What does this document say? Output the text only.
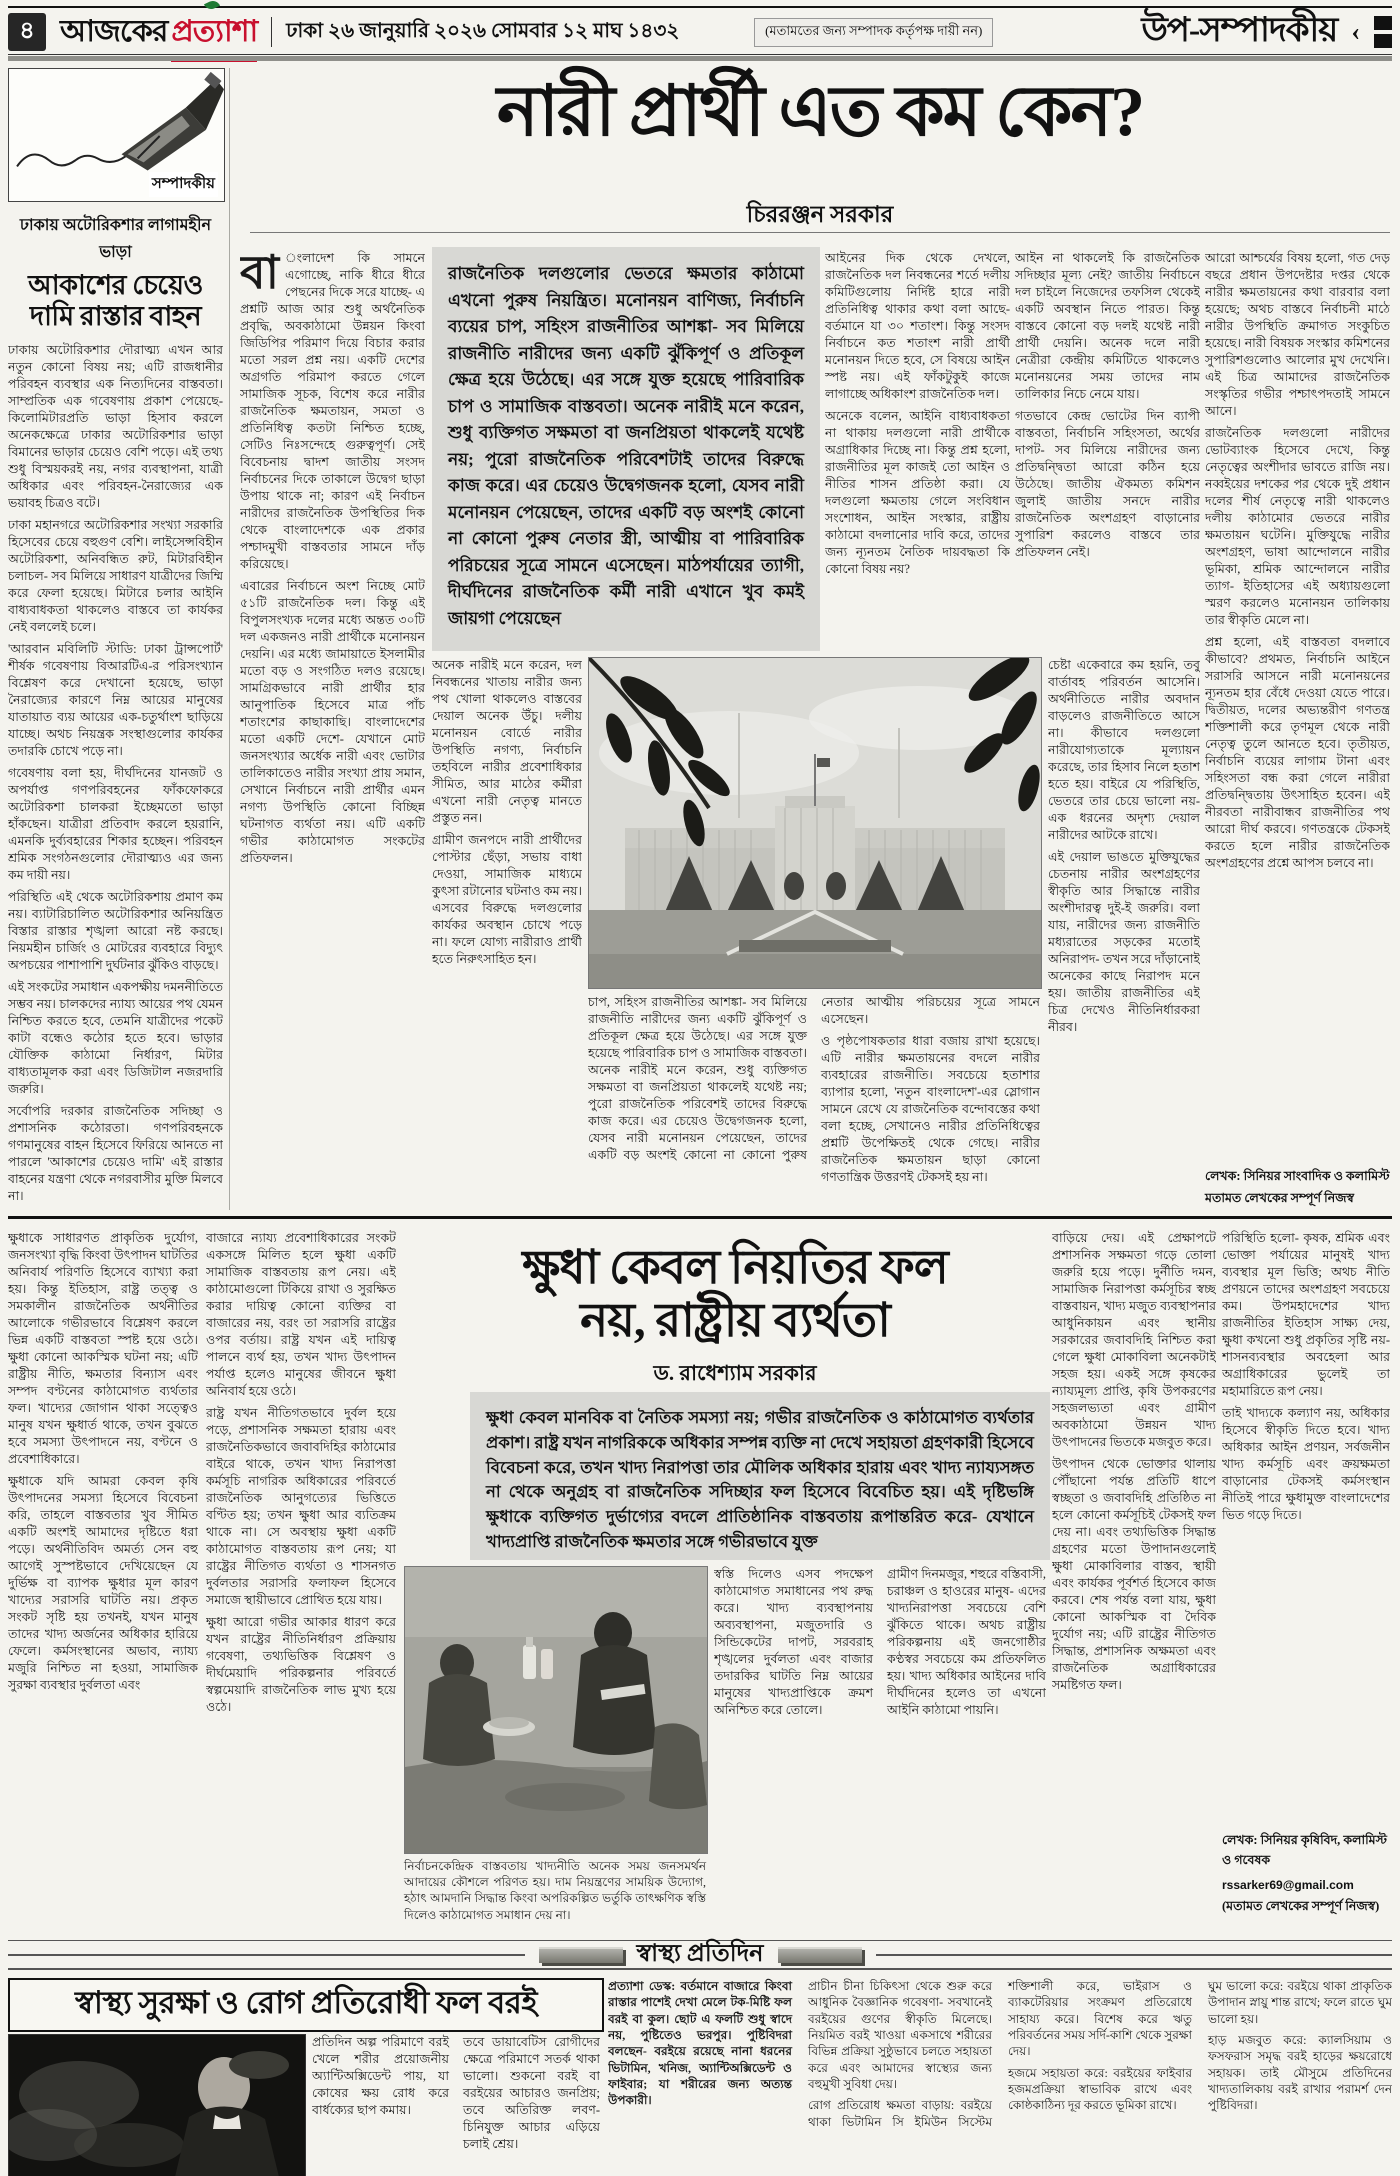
৪ আজকের প্রত্যাশা ঢাকা ২৬ জানুয়ারি ২০২৬ সোমবার ১২ মাঘ ১৪৩২	(মতামতের জন্য সম্পাদক কর্তৃপক্ষ দায়ী নন)	উপ-সম্পাদকীয় ‹
সম্পাদকীয়
ঢাকায় অটোরিকশার লাগামহীন ভাড়া
আকাশের চেয়েও দামি রাস্তার বাহন

ঢাকায় অটোরিকশার দৌরাত্ম্য এখন আর নতুন কোনো বিষয় নয়; এটি রাজধানীর পরিবহন ব্যবস্থার এক নিত্যদিনের বাস্তবতা। সাম্প্রতিক এক গবেষণায় প্রকাশ পেয়েছে- কিলোমিটারপ্রতি ভাড়া হিসাব করলে অনেকক্ষেত্রে ঢাকার অটোরিকশার ভাড়া বিমানের ভাড়ার চেয়েও বেশি পড়ে। এই তথ্য শুধু বিস্ময়করই নয়, নগর ব্যবস্থাপনা, যাত্রী অধিকার এবং পরিবহন-নৈরাজ্যের এক ভয়াবহ চিত্রও বটে।

ঢাকা মহানগরে অটোরিকশার সংখ্যা সরকারি হিসেবের চেয়ে বহুগুণ বেশি। লাইসেন্সবিহীন অটোরিকশা, অনিবন্ধিত রুট, মিটারবিহীন চলাচল- সব মিলিয়ে সাধারণ যাত্রীদের জিম্মি করে ফেলা হয়েছে। মিটারে চলার আইনি বাধ্যবাধকতা থাকলেও বাস্তবে তা কার্যকর নেই বললেই চলে।

'আরবান মবিলিটি স্টাডি: ঢাকা ট্রান্সপোর্ট' শীর্ষক গবেষণায় বিআরটিএ-র পরিসংখ্যান বিশ্লেষণ করে দেখানো হয়েছে, ভাড়া নৈরাজ্যের কারণে নিম্ন আয়ের মানুষের যাতায়াত ব্যয় আয়ের এক-চতুর্থাংশ ছাড়িয়ে যাচ্ছে। অথচ নিয়ন্ত্রক সংস্থাগুলোর কার্যকর তদারকি চোখে পড়ে না।

গবেষণায় বলা হয়, দীর্ঘদিনের যানজট ও অপর্যাপ্ত গণপরিবহনের ফাঁকফোকরে অটোরিকশা চালকরা ইচ্ছেমতো ভাড়া হাঁকছেন। যাত্রীরা প্রতিবাদ করলে হয়রানি, এমনকি দুর্ব্যবহারের শিকার হচ্ছেন। পরিবহন শ্রমিক সংগঠনগুলোর দৌরাত্ম্যও এর জন্য কম দায়ী নয়।

পরিস্থিতি এই থেকে অটোরিকশায় প্রমাণ কম নয়। ব্যাটারিচালিত অটোরিকশার অনিয়ন্ত্রিত বিস্তার রাস্তার শৃঙ্খলা আরো নষ্ট করছে। নিয়মহীন চার্জিং ও মোটরের ব্যবহারে বিদ্যুৎ অপচয়ের পাশাপাশি দুর্ঘটনার ঝুঁকিও বাড়ছে।

এই সংকটের সমাধান একপক্ষীয় দমননীতিতে সম্ভব নয়। চালকদের ন্যায্য আয়ের পথ যেমন নিশ্চিত করতে হবে, তেমনি যাত্রীদের পকেট কাটা বন্ধেও কঠোর হতে হবে। ভাড়ার যৌক্তিক কাঠামো নির্ধারণ, মিটার বাধ্যতামূলক করা এবং ডিজিটাল নজরদারি জরুরি।

সর্বোপরি দরকার রাজনৈতিক সদিচ্ছা ও প্রশাসনিক কঠোরতা। গণপরিবহনকে গণমানুষের বাহন হিসেবে ফিরিয়ে আনতে না পারলে 'আকাশের চেয়েও দামি' এই রাস্তার বাহনের যন্ত্রণা থেকে নগরবাসীর মুক্তি মিলবে না।

নারী প্রার্থী এত কম কেন?
চিররঞ্জন সরকার
বা ংলাদেশ কি সামনে এগোচ্ছে, নাকি ধীরে ধীরে পেছনের দিকে সরে যাচ্ছে- এ প্রশ্নটি আজ আর শুধু অর্থনৈতিক প্রবৃদ্ধি, অবকাঠামো উন্নয়ন কিংবা জিডিপির পরিমাণ দিয়ে বিচার করার মতো সরল প্রশ্ন নয়। একটি দেশের অগ্রগতি পরিমাপ করতে গেলে সামাজিক সূচক, বিশেষ করে নারীর রাজনৈতিক ক্ষমতায়ন, সমতা ও প্রতিনিধিত্ব কতটা নিশ্চিত হচ্ছে, সেটিও নিঃসন্দেহে গুরুত্বপূর্ণ। সেই বিবেচনায় দ্বাদশ জাতীয় সংসদ নির্বাচনের দিকে তাকালে উদ্বেগ ছাড়া উপায় থাকে না; কারণ এই নির্বাচন নারীদের রাজনৈতিক উপস্থিতির দিক থেকে বাংলাদেশকে এক প্রকার পশ্চাদমুখী বাস্তবতার সামনে দাঁড় করিয়েছে।

এবারের নির্বাচনে অংশ নিচ্ছে মোট ৫১টি রাজনৈতিক দল। কিন্তু এই বিপুলসংখ্যক দলের মধ্যে অন্তত ৩০টি দল একজনও নারী প্রার্থীকে মনোনয়ন দেয়নি। এর মধ্যে জামায়াতে ইসলামীর মতো বড় ও সংগঠিত দলও রয়েছে। সামগ্রিকভাবে নারী প্রার্থীর হার আনুপাতিক হিসেবে মাত্র পাঁচ শতাংশের কাছাকাছি। বাংলাদেশের মতো একটি দেশে- যেখানে মোট জনসংখ্যার অর্ধেক নারী এবং ভোটার তালিকাতেও নারীর সংখ্যা প্রায় সমান, সেখানে নির্বাচনে নারী প্রার্থীর এমন নগণ্য উপস্থিতি কোনো বিচ্ছিন্ন ঘটনাগত ব্যর্থতা নয়। এটি একটি গভীর কাঠামোগত সংকটের প্রতিফলন।

রাজনৈতিক দলগুলোর ভেতরে ক্ষমতার কাঠামো এখনো পুরুষ নিয়ন্ত্রিত। মনোনয়ন বাণিজ্য, নির্বাচনি ব্যয়ের চাপ, সহিংস রাজনীতির আশঙ্কা- সব মিলিয়ে রাজনীতি নারীদের জন্য একটি ঝুঁকিপূর্ণ ও প্রতিকূল ক্ষেত্র হয়ে উঠেছে। এর সঙ্গে যুক্ত হয়েছে পারিবারিক চাপ ও সামাজিক বাস্তবতা। অনেক নারীই মনে করেন, শুধু ব্যক্তিগত সক্ষমতা বা জনপ্রিয়তা থাকলেই যথেষ্ট নয়; পুরো রাজনৈতিক পরিবেশটাই তাদের বিরুদ্ধে কাজ করে। এর চেয়েও উদ্বেগজনক হলো, যেসব নারী মনোনয়ন পেয়েছেন, তাদের একটি বড় অংশই কোনো না কোনো পুরুষ নেতার স্ত্রী, আত্মীয় বা পারিবারিক পরিচয়ের সূত্রে সামনে এসেছেন। মাঠপর্যায়ের ত্যাগী, দীর্ঘদিনের রাজনৈতিক কর্মী নারী এখানে খুব কমই জায়গা পেয়েছেন

আইনের দিক থেকে দেখলে, রাজনৈতিক দল নিবন্ধনের শর্তে দলীয় কমিটিগুলোয় নির্দিষ্ট হারে নারী প্রতিনিধিত্ব থাকার কথা বলা আছে- বর্তমানে যা ৩০ শতাংশ। কিন্তু সংসদ নির্বাচনে কত শতাংশ নারী প্রার্থী মনোনয়ন দিতে হবে, সে বিষয়ে আইন স্পষ্ট নয়। এই ফাঁকটুকুই কাজে লাগাচ্ছে অধিকাংশ রাজনৈতিক দল।

অনেকে বলেন, আইনি বাধ্যবাধকতা না থাকায় দলগুলো নারী প্রার্থীকে অগ্রাধিকার দিচ্ছে না। কিন্তু প্রশ্ন হলো, রাজনীতির মূল কাজই তো আইন ও নীতির শাসন প্রতিষ্ঠা করা। যে দলগুলো ক্ষমতায় গেলে সংবিধান সংশোধন, আইন সংস্কার, রাষ্ট্রীয় কাঠামো বদলানোর দাবি করে, তাদের জন্য ন্যূনতম নৈতিক দায়বদ্ধতা কি কোনো বিষয় নয়?

আইন না থাকলেই কি রাজনৈতিক সদিচ্ছার মূল্য নেই? জাতীয় নির্বাচনে দল চাইলে নিজেদের তফসিল থেকেই একটি অবস্থান নিতে পারত। কিন্তু বাস্তবে কোনো বড় দলই যথেষ্ট নারী প্রার্থী দেয়নি। অনেক দলে নারী নেত্রীরা কেন্দ্রীয় কমিটিতে থাকলেও মনোনয়নের সময় তাদের নাম তালিকার নিচে নেমে যায়।

গতভাবে কেন্দ্র ভোটের দিন ব্যাপী বাস্তবতা, নির্বাচনি সহিংসতা, অর্থের দাপট- সব মিলিয়ে নারীদের জন্য প্রতিদ্বন্দ্বিতা আরো কঠিন হয়ে উঠেছে। জাতীয় ঐকমত্য কমিশন জুলাই জাতীয় সনদে নারীর রাজনৈতিক অংশগ্রহণ বাড়ানোর সুপারিশ করলেও বাস্তবে তার প্রতিফলন নেই।

আরো আশ্চর্যের বিষয় হলো, গত দেড় বছরে প্রধান উপদেষ্টার দপ্তর থেকে নারীর ক্ষমতায়নের কথা বারবার বলা হয়েছে; অথচ বাস্তবে নির্বাচনী মাঠে নারীর উপস্থিতি ক্রমাগত সংকুচিত হয়েছে। নারী বিষয়ক সংস্কার কমিশনের সুপারিশগুলোও আলোর মুখ দেখেনি। এই চিত্র আমাদের রাজনৈতিক সংস্কৃতির গভীর পশ্চাৎপদতাই সামনে আনে।

রাজনৈতিক দলগুলো নারীদের ভোটব্যাংক হিসেবে দেখে, কিন্তু নেতৃত্বের অংশীদার ভাবতে রাজি নয়। নব্বইয়ের দশকের পর থেকে দুই প্রধান দলের শীর্ষ নেতৃত্বে নারী থাকলেও দলীয় কাঠামোর ভেতরে নারীর ক্ষমতায়ন ঘটেনি। মুক্তিযুদ্ধে নারীর অংশগ্রহণ, ভাষা আন্দোলনে নারীর ভূমিকা, শ্রমিক আন্দোলনে নারীর ত্যাগ- ইতিহাসের এই অধ্যায়গুলো স্মরণ করলেও মনোনয়ন তালিকায় তার স্বীকৃতি মেলে না।

প্রশ্ন হলো, এই বাস্তবতা বদলাবে কীভাবে? প্রথমত, নির্বাচনি আইনে সরাসরি আসনে নারী মনোনয়নের ন্যূনতম হার বেঁধে দেওয়া যেতে পারে। দ্বিতীয়ত, দলের অভ্যন্তরীণ গণতন্ত্র শক্তিশালী করে তৃণমূল থেকে নারী নেতৃত্ব তুলে আনতে হবে। তৃতীয়ত, নির্বাচনি ব্যয়ের লাগাম টানা এবং সহিংসতা বন্ধ করা গেলে নারীরা প্রতিদ্বন্দ্বিতায় উৎসাহিত হবেন। এই নীরবতা নারীবান্ধব রাজনীতির পথ আরো দীর্ঘ করবে। গণতন্ত্রকে টেকসই করতে হলে নারীর রাজনৈতিক অংশগ্রহণের প্রশ্নে আপস চলবে না।

লেখক: সিনিয়র সাংবাদিক ও কলামিস্ট
মতামত লেখকের সম্পূর্ণ নিজস্ব

অনেক নারীই মনে করেন, দল নিবন্ধনের খাতায় নারীর জন্য পথ খোলা থাকলেও বাস্তবের দেয়াল অনেক উঁচু। দলীয় মনোনয়ন বোর্ডে নারীর উপস্থিতি নগণ্য, নির্বাচনি তহবিলে নারীর প্রবেশাধিকার সীমিত, আর মাঠের কর্মীরা এখনো নারী নেতৃত্ব মানতে প্রস্তুত নন।

গ্রামীণ জনপদে নারী প্রার্থীদের পোস্টার ছেঁড়া, সভায় বাধা দেওয়া, সামাজিক মাধ্যমে কুৎসা রটানোর ঘটনাও কম নয়। এসবের বিরুদ্ধে দলগুলোর কার্যকর অবস্থান চোখে পড়ে না। ফলে যোগ্য নারীরাও প্রার্থী হতে নিরুৎসাহিত হন।

চেষ্টা একেবারে কম হয়নি, তবু বার্তাবহ পরিবর্তন আসেনি। অর্থনীতিতে নারীর অবদান বাড়লেও রাজনীতিতে আসে না। কীভাবে দলগুলো নারীযোগ্যতাকে মূল্যায়ন করেছে, তার হিসাব নিলে হতাশ হতে হয়। বাইরে যে পরিস্থিতি, ভেতরে তার চেয়ে ভালো নয়- এক ধরনের অদৃশ্য দেয়াল নারীদের আটকে রাখে।

এই দেয়াল ভাঙতে মুক্তিযুদ্ধের চেতনায় নারীর অংশগ্রহণের স্বীকৃতি আর সিদ্ধান্তে নারীর অংশীদারত্ব দুই-ই জরুরি। বলা যায়, নারীদের জন্য রাজনীতি মধ্যরাতের সড়কের মতোই অনিরাপদ- তখন সরে দাঁড়ানোই অনেকের কাছে নিরাপদ মনে হয়। জাতীয় রাজনীতির এই চিত্র দেখেও নীতিনির্ধারকরা নীরব।

চাপ, সহিংস রাজনীতির আশঙ্কা- সব মিলিয়ে রাজনীতি নারীদের জন্য একটি ঝুঁকিপূর্ণ ও প্রতিকূল ক্ষেত্র হয়ে উঠেছে। এর সঙ্গে যুক্ত হয়েছে পারিবারিক চাপ ও সামাজিক বাস্তবতা। অনেক নারীই মনে করেন, শুধু ব্যক্তিগত সক্ষমতা বা জনপ্রিয়তা থাকলেই যথেষ্ট নয়; পুরো রাজনৈতিক পরিবেশই তাদের বিরুদ্ধে কাজ করে। এর চেয়েও উদ্বেগজনক হলো, যেসব নারী মনোনয়ন পেয়েছেন, তাদের একটি বড় অংশই কোনো না কোনো পুরুষ নেতার আত্মীয় পরিচয়ের সূত্রে সামনে এসেছেন।

ও পৃষ্ঠপোষকতার ধারা বজায় রাখা হয়েছে। এটি নারীর ক্ষমতায়নের বদলে নারীর ব্যবহারের রাজনীতি। সবচেয়ে হতাশার ব্যাপার হলো, 'নতুন বাংলাদেশ'-এর স্লোগান সামনে রেখে যে রাজনৈতিক বন্দোবস্তের কথা বলা হচ্ছে, সেখানেও নারীর প্রতিনিধিত্বের প্রশ্নটি উপেক্ষিতই থেকে গেছে। নারীর রাজনৈতিক ক্ষমতায়ন ছাড়া কোনো গণতান্ত্রিক উত্তরণই টেকসই হয় না।

ক্ষুধাকে সাধারণত প্রাকৃতিক দুর্যোগ, জনসংখ্যা বৃদ্ধি কিংবা উৎপাদন ঘাটতির অনিবার্য পরিণতি হিসেবে ব্যাখ্যা করা হয়। কিন্তু ইতিহাস, রাষ্ট্র তত্ত্ব ও সমকালীন রাজনৈতিক অর্থনীতির আলোকে গভীরভাবে বিশ্লেষণ করলে ভিন্ন একটি বাস্তবতা স্পষ্ট হয়ে ওঠে। ক্ষুধা কোনো আকস্মিক ঘটনা নয়; এটি রাষ্ট্রীয় নীতি, ক্ষমতার বিন্যাস এবং সম্পদ বণ্টনের কাঠামোগত ব্যর্থতার ফল। খাদ্যের জোগান থাকা সত্ত্বেও মানুষ যখন ক্ষুধার্ত থাকে, তখন বুঝতে হবে সমস্যা উৎপাদনে নয়, বণ্টনে ও প্রবেশাধিকারে।

ক্ষুধাকে যদি আমরা কেবল কৃষি উৎপাদনের সমস্যা হিসেবে বিবেচনা করি, তাহলে বাস্তবতার খুব সীমিত একটি অংশই আমাদের দৃষ্টিতে ধরা পড়ে। অর্থনীতিবিদ অমর্ত্য সেন বহু আগেই সুস্পষ্টভাবে দেখিয়েছেন যে দুর্ভিক্ষ বা ব্যাপক ক্ষুধার মূল কারণ খাদ্যের সরাসরি ঘাটতি নয়। প্রকৃত সংকট সৃষ্টি হয় তখনই, যখন মানুষ তাদের খাদ্য অর্জনের অধিকার হারিয়ে ফেলে। কর্মসংস্থানের অভাব, ন্যায্য মজুরি নিশ্চিত না হওয়া, সামাজিক সুরক্ষা ব্যবস্থার দুর্বলতা এবং

বাজারে ন্যায্য প্রবেশাধিকারের সংকট একসঙ্গে মিলিত হলে ক্ষুধা একটি সামাজিক বাস্তবতায় রূপ নেয়। এই কাঠামোগুলো টিকিয়ে রাখা ও সুরক্ষিত করার দায়িত্ব কোনো ব্যক্তির বা বাজারের নয়, বরং তা সরাসরি রাষ্ট্রের ওপর বর্তায়। রাষ্ট্র যখন এই দায়িত্ব পালনে ব্যর্থ হয়, তখন খাদ্য উৎপাদন পর্যাপ্ত হলেও মানুষের জীবনে ক্ষুধা অনিবার্য হয়ে ওঠে।

রাষ্ট্র যখন নীতিগতভাবে দুর্বল হয়ে পড়ে, প্রশাসনিক সক্ষমতা হারায় এবং রাজনৈতিকভাবে জবাবদিহির কাঠামোর বাইরে থাকে, তখন খাদ্য নিরাপত্তা কর্মসূচি নাগরিক অধিকারের পরিবর্তে রাজনৈতিক আনুগত্যের ভিত্তিতে বণ্টিত হয়; তখন ক্ষুধা আর ব্যতিক্রম থাকে না। সে অবস্থায় ক্ষুধা একটি কাঠামোগত বাস্তবতায় রূপ নেয়; যা রাষ্ট্রের নীতিগত ব্যর্থতা ও শাসনগত দুর্বলতার সরাসরি ফলাফল হিসেবে সমাজে স্থায়ীভাবে প্রোথিত হয়ে যায়।

ক্ষুধা আরো গভীর আকার ধারণ করে যখন রাষ্ট্রের নীতিনির্ধারণ প্রক্রিয়ায় গবেষণা, তথ্যভিত্তিক বিশ্লেষণ ও দীর্ঘমেয়াদি পরিকল্পনার পরিবর্তে স্বল্পমেয়াদি রাজনৈতিক লাভ মুখ্য হয়ে ওঠে।

ক্ষুধা কেবল নিয়তির ফল
নয়, রাষ্ট্রীয় ব্যর্থতা
ড. রাধেশ্যাম সরকার
ক্ষুধা কেবল মানবিক বা নৈতিক সমস্যা নয়; গভীর রাজনৈতিক ও কাঠামোগত ব্যর্থতার প্রকাশ। রাষ্ট্র যখন নাগরিককে অধিকার সম্পন্ন ব্যক্তি না দেখে সহায়তা গ্রহণকারী হিসেবে বিবেচনা করে, তখন খাদ্য নিরাপত্তা তার মৌলিক অধিকার হারায় এবং খাদ্য ন্যায্যসঙ্গত না থেকে অনুগ্রহ বা রাজনৈতিক সদিচ্ছার ফল হিসেবে বিবেচিত হয়। এই দৃষ্টিভঙ্গি ক্ষুধাকে ব্যক্তিগত দুর্ভাগ্যের বদলে প্রাতিষ্ঠানিক বাস্তবতায় রূপান্তরিত করে- যেখানে খাদ্যপ্রাপ্তি রাজনৈতিক ক্ষমতার সঙ্গে গভীরভাবে যুক্ত
নির্বাচনকেন্দ্রিক বাস্তবতায় খাদ্যনীতি অনেক সময় জনসমর্থন আদায়ের কৌশলে পরিণত হয়। দাম নিয়ন্ত্রণের সাময়িক উদ্যোগ, হঠাৎ আমদানি সিদ্ধান্ত কিংবা অপরিকল্পিত ভর্তুকি তাৎক্ষণিক স্বস্তি দিলেও কাঠামোগত সমাধান দেয় না।

স্বস্তি দিলেও এসব পদক্ষেপ কাঠামোগত সমাধানের পথ রুদ্ধ করে। খাদ্য ব্যবস্থাপনায় অব্যবস্থাপনা, মজুতদারি ও সিন্ডিকেটের দাপট, সরবরাহ শৃঙ্খলের দুর্বলতা এবং বাজার তদারকির ঘাটতি নিম্ন আয়ের মানুষের খাদ্যপ্রাপ্তিকে ক্রমশ অনিশ্চিত করে তোলে।

গ্রামীণ দিনমজুর, শহুরে বস্তিবাসী, চরাঞ্চল ও হাওরের মানুষ- এদের খাদ্যনিরাপত্তা সবচেয়ে বেশি ঝুঁকিতে থাকে। অথচ রাষ্ট্রীয় পরিকল্পনায় এই জনগোষ্ঠীর কণ্ঠস্বর সবচেয়ে কম প্রতিফলিত হয়। খাদ্য অধিকার আইনের দাবি দীর্ঘদিনের হলেও তা এখনো আইনি কাঠামো পায়নি।

বাড়িয়ে দেয়। এই প্রেক্ষাপটে প্রশাসনিক সক্ষমতা গড়ে তোলা জরুরি হয়ে পড়ে। দুর্নীতি দমন, সামাজিক নিরাপত্তা কর্মসূচির স্বচ্ছ বাস্তবায়ন, খাদ্য মজুত ব্যবস্থাপনার আধুনিকায়ন এবং স্থানীয় সরকারের জবাবদিহি নিশ্চিত করা গেলে ক্ষুধা মোকাবিলা অনেকটাই সহজ হয়। একই সঙ্গে কৃষকের ন্যায্যমূল্য প্রাপ্তি, কৃষি উপকরণের সহজলভ্যতা এবং গ্রামীণ অবকাঠামো উন্নয়ন খাদ্য উৎপাদনের ভিতকে মজবুত করে।

উৎপাদন থেকে ভোক্তার থালায় পৌঁছানো পর্যন্ত প্রতিটি ধাপে স্বচ্ছতা ও জবাবদিহি প্রতিষ্ঠিত না হলে কোনো কর্মসূচিই টেকসই ফল দেয় না। এবং তথ্যভিত্তিক সিদ্ধান্ত গ্রহণের মতো উপাদানগুলোই ক্ষুধা মোকাবিলার বাস্তব, স্থায়ী এবং কার্যকর পূর্বশর্ত হিসেবে কাজ করবে। শেষ পর্যন্ত বলা যায়, ক্ষুধা কোনো আকস্মিক বা দৈবিক দুর্যোগ নয়; এটি রাষ্ট্রের নীতিগত সিদ্ধান্ত, প্রশাসনিক অক্ষমতা এবং রাজনৈতিক অগ্রাধিকারের সমষ্টিগত ফল।

পরিস্থিতি হলো- কৃষক, শ্রমিক এবং ভোক্তা পর্যায়ের মানুষই খাদ্য ব্যবস্থার মূল ভিত্তি; অথচ নীতি প্রণয়নে তাদের অংশগ্রহণ সবচেয়ে কম। উপমহাদেশের খাদ্য রাজনীতির ইতিহাস সাক্ষ্য দেয়, ক্ষুধা কখনো শুধু প্রকৃতির সৃষ্টি নয়- শাসনব্যবস্থার অবহেলা আর অগ্রাধিকারের ভুলেই তা মহামারিতে রূপ নেয়।

তাই খাদ্যকে কল্যাণ নয়, অধিকার হিসেবে স্বীকৃতি দিতে হবে। খাদ্য অধিকার আইন প্রণয়ন, সর্বজনীন খাদ্য কর্মসূচি এবং ক্রয়ক্ষমতা বাড়ানোর টেকসই কর্মসংস্থান নীতিই পারে ক্ষুধামুক্ত বাংলাদেশের ভিত গড়ে দিতে।

লেখক: সিনিয়র কৃষিবিদ, কলামিস্ট ও গবেষক
rssarker69@gmail.com
(মতামত লেখকের সম্পূর্ণ নিজস্ব)
স্বাস্থ্য প্রতিদিন
স্বাস্থ্য সুরক্ষা ও রোগ প্রতিরোধী ফল বরই

প্রতিদিন অল্প পরিমাণে বরই খেলে শরীর প্রয়োজনীয় অ্যান্টিঅক্সিডেন্ট পায়, যা কোষের ক্ষয় রোধ করে বার্ধক্যের ছাপ কমায়।

তবে ডায়াবেটিস রোগীদের ক্ষেত্রে পরিমাণে সতর্ক থাকা ভালো। শুকনো বরই বা বরইয়ের আচারও জনপ্রিয়; তবে অতিরিক্ত লবণ-চিনিযুক্ত আচার এড়িয়ে চলাই শ্রেয়।

প্রত্যাশা ডেস্ক: বর্তমানে বাজারে কিংবা রাস্তার পাশেই দেখা মেলে টক-মিষ্টি ফল বরই বা কুল। ছোট এ ফলটি শুধু স্বাদে নয়, পুষ্টিতেও ভরপুর। পুষ্টিবিদরা বলছেন- বরইয়ে রয়েছে নানা ধরনের ভিটামিন, খনিজ, অ্যান্টিঅক্সিডেন্ট ও ফাইবার; যা শরীরের জন্য অত্যন্ত উপকারী।

প্রাচীন চীনা চিকিৎসা থেকে শুরু করে আধুনিক বৈজ্ঞানিক গবেষণা- সবখানেই বরইয়ের গুণের স্বীকৃতি মিলেছে। নিয়মিত বরই খাওয়া একসাথে শরীরের বিভিন্ন প্রক্রিয়া সুষ্ঠুভাবে চলতে সহায়তা করে এবং আমাদের স্বাস্থ্যের জন্য বহুমুখী সুবিধা দেয়।

রোগ প্রতিরোধ ক্ষমতা বাড়ায়: বরইয়ে থাকা ভিটামিন সি ইমিউন সিস্টেম শক্তিশালী করে, ভাইরাস ও ব্যাকটেরিয়ার সংক্রমণ প্রতিরোধে সাহায্য করে। বিশেষ করে ঋতু পরিবর্তনের সময় সর্দি-কাশি থেকে সুরক্ষা দেয়।

হজমে সহায়তা করে: বরইয়ের ফাইবার হজমপ্রক্রিয়া স্বাভাবিক রাখে এবং কোষ্ঠকাঠিন্য দূর করতে ভূমিকা রাখে।

ঘুম ভালো করে: বরইয়ে থাকা প্রাকৃতিক উপাদান স্নায়ু শান্ত রাখে; ফলে রাতে ঘুম ভালো হয়।

হাড় মজবুত করে: ক্যালসিয়াম ও ফসফরাস সমৃদ্ধ বরই হাড়ের ক্ষয়রোধে সহায়ক। তাই মৌসুমে প্রতিদিনের খাদ্যতালিকায় বরই রাখার পরামর্শ দেন পুষ্টিবিদরা।
